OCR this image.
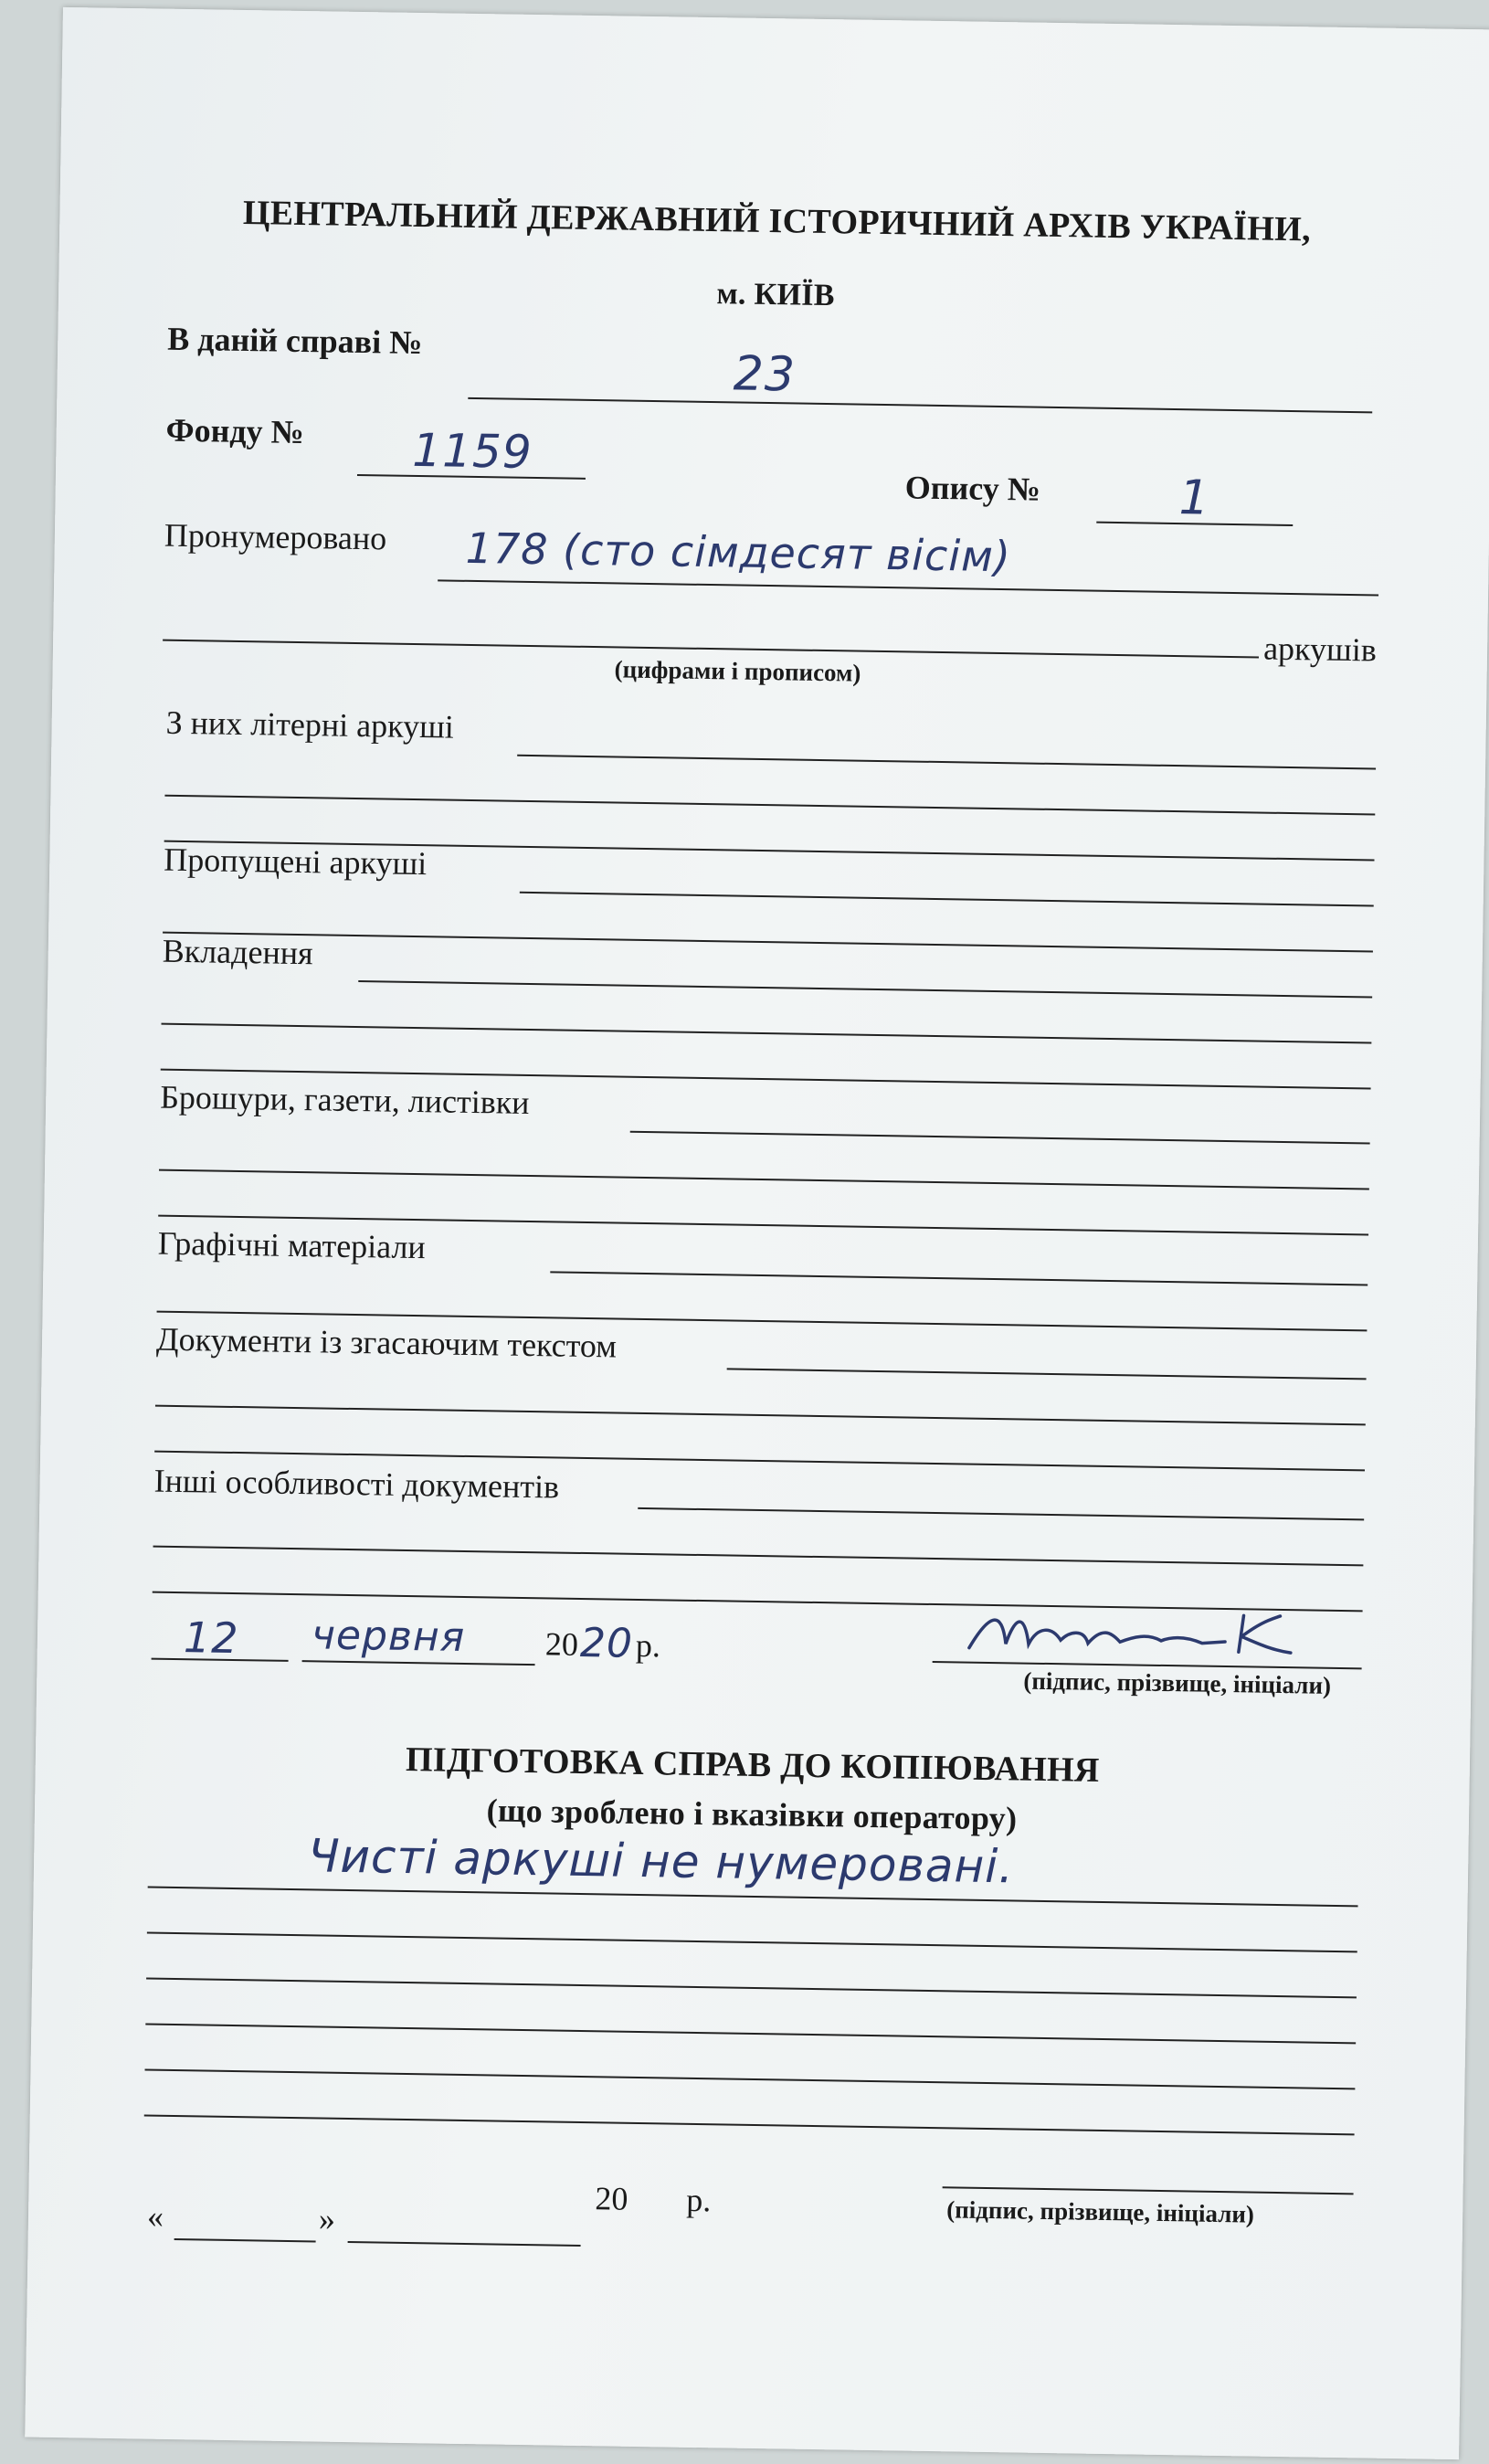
ЦЕНТРАЛЬНИЙ ДЕРЖАВНИЙ ІСТОРИЧНИЙ АРХІВ УКРАЇНИ,
м. КИЇВ
В даній справі №
23
Фонду № 1159
Опису №	1
Пронумеровано 178 (сто сімдесят вісім)
аркушів
(цифрами і прописом)
З них літерні аркуші
Пропущені аркуші
Вкладення
Брошури, газети, листівки
Графічні матеріали
Документи із згасаючим текстом
Інші особливості документів
12 червня 20 20 р.
(підпис, прізвище, ініціали)
ПІДГОТОВКА СПРАВ ДО КОПІЮВАННЯ
(що зроблено і вказівки оператору)
Чисті аркуші не нумеровані.
«	»
20 р.	(підпис, прізвище, ініціали)
